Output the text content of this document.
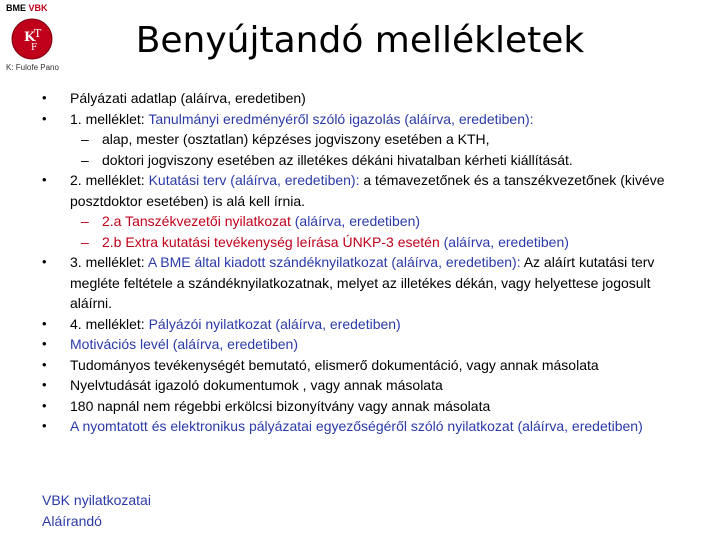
BME VBK
K
T
F
K: Fulofe Pano
Benyújtandó mellékletek
• Pályázati adatlap (aláírva, eredetiben)
• 1. melléklet: Tanulmányi eredményéről szóló igazolás (aláírva, eredetiben):
– alap, mester (osztatlan) képzéses jogviszony esetében a KTH,
– doktori jogviszony esetében az illetékes dékáni hivatalban kérheti kiállítását.
• 2. melléklet: Kutatási terv (aláírva, eredetiben): a témavezetőnek és a tanszékvezetőnek (kivéve posztdoktor esetében) is alá kell írnia.
– 2.a Tanszékvezetői nyilatkozat (aláírva, eredetiben)
– 2.b Extra kutatási tevékenység leírása ÚNKP-3 esetén (aláírva, eredetiben)
• 3. melléklet: A BME által kiadott szándéknyilatkozat (aláírva, eredetiben): Az aláírt kutatási terv megléte feltétele a szándéknyilatkozatnak, melyet az illetékes dékán, vagy helyettese jogosult aláírni.
• 4. melléklet: Pályázói nyilatkozat (aláírva, eredetiben)
• Motivációs levél (aláírva, eredetiben)
• Tudományos tevékenységét bemutató, elismerő dokumentáció, vagy annak másolata
• Nyelvtudását igazoló dokumentumok , vagy annak másolata
• 180 napnál nem régebbi erkölcsi bizonyítvány vagy annak másolata
• A nyomtatott és elektronikus pályázatai egyezőségéről szóló nyilatkozat (aláírva, eredetiben)
VBK nyilatkozatai
Aláírandó
